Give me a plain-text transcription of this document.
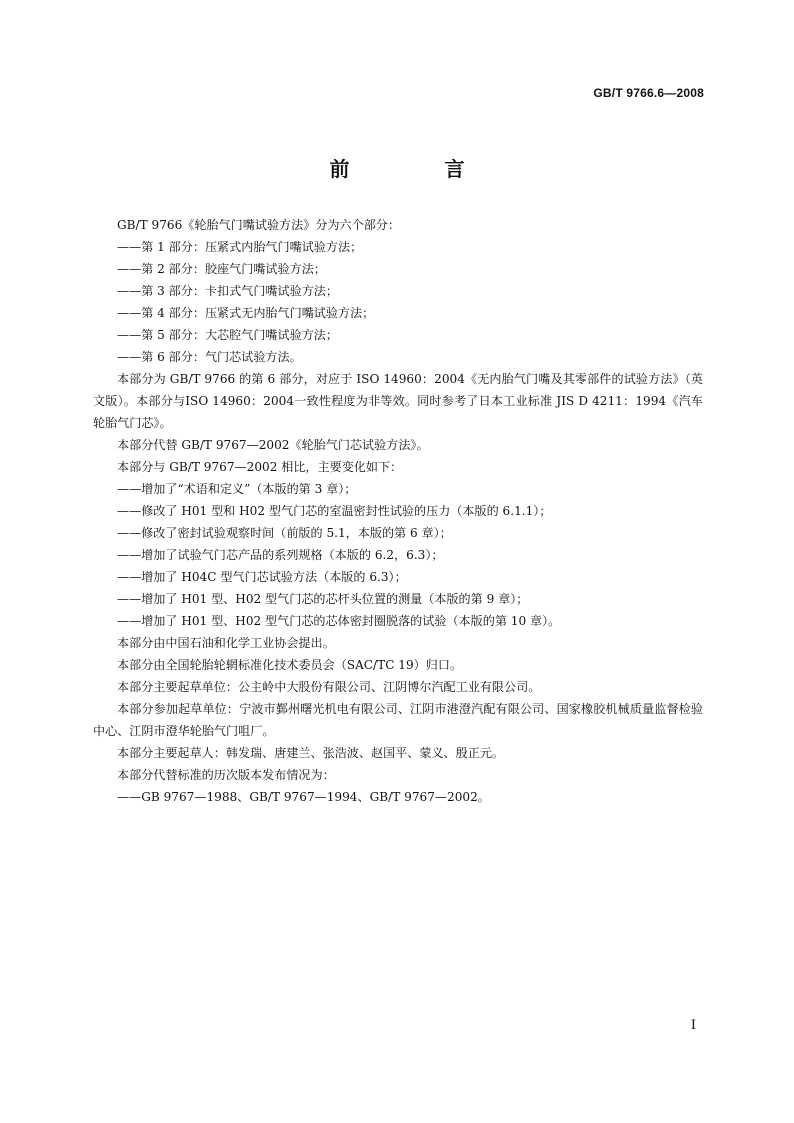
GB/T 9766.6—2008
前 言

GB/T 9766《轮胎气门嘴试验方法》分为六个部分：

——第 1 部分：压紧式内胎气门嘴试验方法；

——第 2 部分：胶座气门嘴试验方法；

——第 3 部分：卡扣式气门嘴试验方法；

——第 4 部分：压紧式无内胎气门嘴试验方法；

——第 5 部分：大芯腔气门嘴试验方法；

——第 6 部分：气门芯试验方法。

本部分为 GB/T 9766 的第 6 部分，对应于 ISO 14960：2004《无内胎气门嘴及其零部件的试验方法》（英文版）。本部分与ISO 14960：2004一致性程度为非等效。同时参考了日本工业标准 JIS D 4211：1994《汽车轮胎气门芯》。

本部分代替 GB/T 9767—2002《轮胎气门芯试验方法》。

本部分与 GB/T 9767—2002 相比，主要变化如下：

——增加了“术语和定义”（本版的第 3 章）；

——修改了 H01 型和 H02 型气门芯的室温密封性试验的压力（本版的 6.1.1）；

——修改了密封试验观察时间（前版的 5.1，本版的第 6 章）；

——增加了试验气门芯产品的系列规格（本版的 6.2，6.3）；

——增加了 H04C 型气门芯试验方法（本版的 6.3）；

——增加了 H01 型、H02 型气门芯的芯杆头位置的测量（本版的第 9 章）；

——增加了 H01 型、H02 型气门芯的芯体密封圈脱落的试验（本版的第 10 章）。

本部分由中国石油和化学工业协会提出。

本部分由全国轮胎轮辋标准化技术委员会（SAC/TC 19）归口。

本部分主要起草单位：公主岭中大股份有限公司、江阴博尔汽配工业有限公司。

本部分参加起草单位：宁波市鄞州曙光机电有限公司、江阴市港澄汽配有限公司、国家橡胶机械质量监督检验中心、江阴市澄华轮胎气门咀厂。

本部分主要起草人：韩发瑞、唐建兰、张浩波、赵国平、蒙义、殷正元。

本部分代替标准的历次版本发布情况为：

——GB 9767—1988、GB/T 9767—1994、GB/T 9767—2002。

I
